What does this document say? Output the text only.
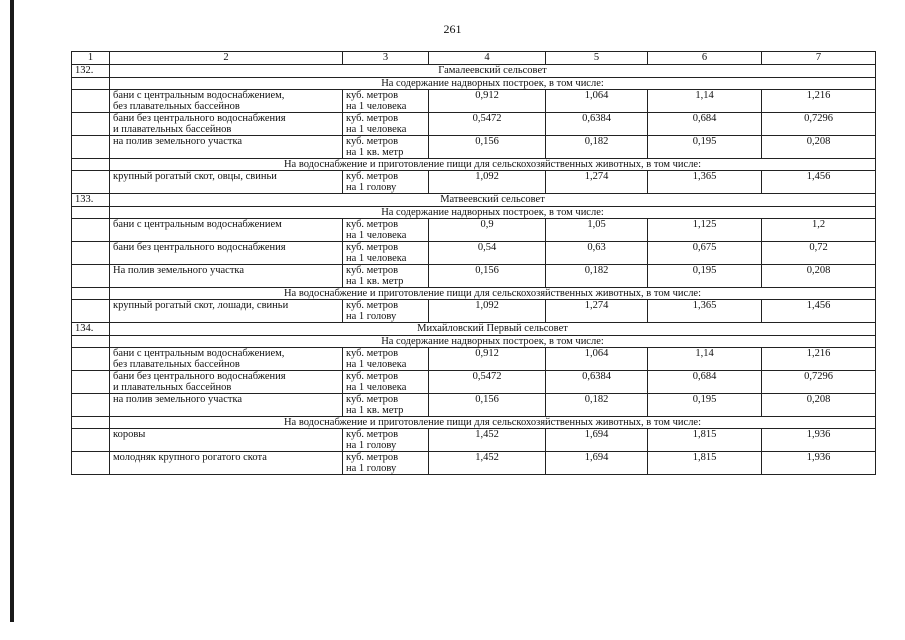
261
1	2	3	4	5	6	7
132.	Гамалеевский сельсовет					
	На содержание надворных построек, в том числе:					
	бани с центральным водоснабжением,
без плавательных бассейнов	куб. метров
на 1 человека	0,912	1,064	1,14	1,216
	бани без центрального водоснабжения
и плавательных бассейнов	куб. метров
на 1 человека	0,5472	0,6384	0,684	0,7296
	на полив земельного участка	куб. метров
на 1 кв. метр	0,156	0,182	0,195	0,208
	На водоснабжение и приготовление пищи для сельскохозяйственных животных, в том числе:					
	крупный рогатый скот, овцы, свиньи	куб. метров
на 1 голову	1,092	1,274	1,365	1,456
133.	Матвеевский сельсовет					
	На содержание надворных построек, в том числе:					
	бани с центральным водоснабжением	куб. метров
на 1 человека	0,9	1,05	1,125	1,2
	бани без центрального водоснабжения	куб. метров
на 1 человека	0,54	0,63	0,675	0,72
	На полив земельного участка	куб. метров
на 1 кв. метр	0,156	0,182	0,195	0,208
	На водоснабжение и приготовление пищи для сельскохозяйственных животных, в том числе:					
	крупный рогатый скот, лошади, свиньи	куб. метров
на 1 голову	1,092	1,274	1,365	1,456
134.	Михайловский Первый сельсовет					
	На содержание надворных построек, в том числе:					
	бани с центральным водоснабжением,
без плавательных бассейнов	куб. метров
на 1 человека	0,912	1,064	1,14	1,216
	бани без центрального водоснабжения
и плавательных бассейнов	куб. метров
на 1 человека	0,5472	0,6384	0,684	0,7296
	на полив земельного участка	куб. метров
на 1 кв. метр	0,156	0,182	0,195	0,208
	На водоснабжение и приготовление пищи для сельскохозяйственных животных, в том числе:					
	коровы	куб. метров
на 1 голову	1,452	1,694	1,815	1,936
	молодняк крупного рогатого скота	куб. метров
на 1 голову	1,452	1,694	1,815	1,936
